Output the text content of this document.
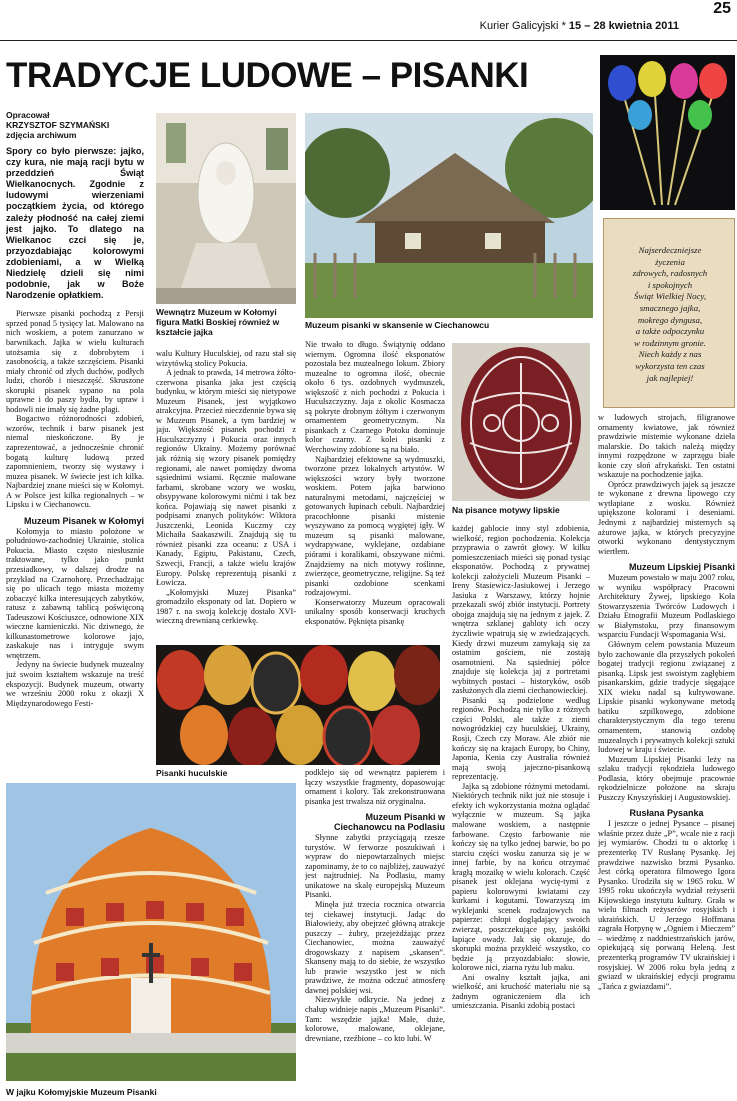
Kurier Galicyjski * 15 – 28 kwietnia 2011
25
TRADYCJE LUDOWE – PISANKI
Opracował
KRZYSZTOF SZYMAŃSKI
zdjęcia archiwum
Spory co było pierwsze: jajko, czy kura, nie mają racji bytu w przeddzień Świąt Wielkanocnych. Zgodnie z ludowymi wierzeniami początkiem życia, od którego zależy płodność na całej ziemi jest jajko. To dlatego na Wielkanoc czci się je, przyozdabiając kolorowymi zdobieniami, a w Wielką Niedzielę dzieli się nimi podobnie, jak w Boże Narodzenie opłatkiem.

Pierwsze pisanki pochodzą z Persji sprzed ponad 5 tysięcy lat. Malowano na nich woskiem, a potem zanurzano w barwnikach. Jajka w wielu kulturach utożsamia się z dobrobytem i zasobnością, a także szczęściem. Pisanki miały chronić od złych duchów, podłych ludzi, chorób i nieszczęść. Skruszone skorupki pisanek sypano na pola uprawne i do paszy bydła, by upraw i hodowli nie imały się żadne plagi.

Bogactwo różnorodności zdobień, wzorów, technik i barw pisanek jest niemal nieskończone. By je zaprezentować, a jednocześnie chronić bogatą kulturę ludową przed zapomnieniem, tworzy się wystawy i muzea pisanek. W świecie jest ich kilka. Najbardziej znane mieści się w Kołomyi. A w Polsce jest kilka regionalnych – w Lipsku i w Ciechanowcu.

Muzeum Pisanek w Kołomyi

Kołomyja to miasto położone w południowo-zachodniej Ukrainie, stolica Pokucia. Miasto często niesłusznie traktowane, tylko jako punkt przesiadkowy, w dalszej drodze na przykład na Czarnohorę. Przechadzając się po ulicach tego miasta możemy zobaczyć kilka interesujących zabytków, ratusz z zabawną tablicą poświęconą Tadeuszowi Kościuszce, odnowione XIX wieczne kamieniczki. Nic dziwnego, że kilkunastometrowe kolorowe jajo, zaskakuje nas i intryguje swym wnętrzem.

Jedyny na świecie budynek muzealny już swoim kształtem wskazuje na treść ekspozycji. Budynek muzeum, otwarty we wrześniu 2000 roku z okazji X Międzynarodowego Festi-

Wewnątrz Muzeum w Kołomyi figura Matki Boskiej również w kształcie jajka
Muzeum pisanki w skansenie w Ciechanowcu
Najserdeczniejsze
życzenia
zdrowych, radosnych
i spokojnych
Świąt Wielkiej Nocy,
smacznego jajka,
mokrego dyngusa,
a także odpoczynku
w rodzinnym gronie.
Niech każdy z nas
wykorzysta ten czas
jak najlepiej!

walu Kultury Huculskiej, od razu stał się wizytówką stolicy Pokucia.

A jednak to prawda, 14 metrowa żółto-czerwona pisanka jaka jest częścią budynku, w którym mieści się nietypowe Muzeum Pisanek, jest wyjątkowo atrakcyjna. Przecież nieczdennie bywa się w Muzeum Pisanek, a tym bardziej w jaju. Większość pisanek pochodzi z Huculszczyzny i Pokucia oraz innych regionów Ukrainy. Możemy porównać jak różnią się wzory pisanek pomiędzy regionami, ale nawet pomiędzy dwoma sąsiednimi wsiami. Ręcznie malowane farbami, skrobane wzory we wosku, obsypywane kolorowymi nićmi i tak bez końca. Pojawiają się nawet pisanki z podpisami znanych polityków: Wiktora Juszczenki, Leonida Kuczmy czy Michaiła Saakaszwili. Znajdują się tu również pisanki zza oceanu: z USA i Kanady, Egiptu, Pakistanu, Czech, Szwecji, Francji, a także wielu krajów Europy. Polskę reprezentują pisanki z Łowicza.

„Kołomyjski Muzej Pisanka” gromadziło eksponaty od lat. Dopiero w 1987 r. na swoją kolekcję dostało XVI-wieczną drewnianą cerkiewkę.

Nie trwało to długo. Świątynię oddano wiernym. Ogromna ilość eksponatów pozostała bez muzealnego lokum. Zbiory muzealne to ogromna ilość, obecnie około 6 tys. ozdobnych wydmuszek, większość z nich pochodzi z Pokucia i Huculszczyzny. Jaja z okolic Kosmacza są pokryte drobnym żółtym i czerwonym ornamentem geometrycznym. Na pisankach z Czarnego Potoku dominuje kolor czarny. Z kolei pisanki z Werchowiny zdobione są na biało.

Najbardziej efektowne są wydmuszki, tworzone przez lokalnych artystów. W większości wzory były tworzone woskiem. Potem jajka barwiono naturalnymi metodami, najczęściej w gotowanych łupinach cebuli. Najbardziej pracochłonne pisanki mistenie wyszywano za pomocą wygiętej igły. W muzeum są pisanki malowane, wydrapywane, wyklejane, ozdabiane piórami i koralikami, obszywane nićmi. Znajdziemy na nich motywy roślinne, zwierzęce, geometryczne, religijne. Są też pisanki ozdobione scenkami rodzajowymi.

Konserwatorzy Muzeum opracowali unikalny sposób konserwacji kruchych eksponatów. Pęknięta pisankę

Na pisance motywy lipskie

każdej gablocie inny styl zdobienia, wielkość, region pochodzenia. Kolekcja przyprawia o zawrót głowy. W kilku pomieszczeniach mieści się ponad tysiąc eksponatów. Pochodzą z prywatnej kolekcji założycieli Muzeum Pisanki – Ireny Stasiewicz-Jasiukowej i Jerzego Jasiuka z Warszawy, którzy hojnie przekazali swój zbiór instytucji. Portrety obojga znajdują się na jednym z jajek. Z wnętrza szklanej gabloty ich oczy życzliwie wpatrują się w zwiedzających. Kiedy drzwi muzeum zamykają się za ostatnim gościem, nie zostają osamotnieni. Na sąsiedniej półce znajduje się kolekcja jaj z portretami wybitnych postaci – historyków, osób zasłużonych dla ziemi ciechanowieckiej.

Pisanki są podzielone według regionów. Pochodzą nie tylko z różnych części Polski, ale także z ziemi nowogródzkiej czy huculskiej, Ukrainy, Rosji, Czech czy Moraw. Ale zbiór nie kończy się na krajach Europy, bo Chiny, Japonia, Kenia czy Australia również mają swoją jajeczno-pisankową reprezentację.

Jajka są zdobione różnymi metodami. Niektórych technik nikt już nie stosuje i efekty ich wykorzystania można oglądać wyłącznie w muzeum. Są jajka malowane woskiem, a następnie farbowane. Często farbowanie nie kończy się na tylko jednej barwie, bo po starciu części wosku zanurza się je w innej farbie, by na końcu otrzymać kragłą mozaikę w wielu kolorach. Część pisanek jest oklejana wycię-tymi z papieru kolorowymi kwiatami czy kurkami i kogutami. Towarzyszą im wyklejanki scenek rodzajowych na papierze: chłopi doglądający swoich zwierząt, poszczekujące psy, jaskółki łapiące owady. Jak się okazuje, do skorupki można przykleić wszystko, co będzie ją przyozdabiało: słowie, kolorowe nici, ziarna ryżu lub maku.

Ani owalny kształt jajka, ani wielkość, ani kruchość materiału nie są żadnym ograniczeniem dla ich umieszczania. Pisanki zdobią postaci

w ludowych strojach, filigranowe ornamenty kwiatowe, jak również prawdziwie mistemie wykonane dzieła malarskie. Do takich należą między innymi rozpędzone w zaprzęgu białe konie czy słoń afrykański. Ten ostatni wskazuje na pochodzenie jajka.

Oprócz prawdziwych jajek są jeszcze te wykonane z drewna lipowego czy wytłapiane z wosku. Również upiększone kolorami i deseniami. Jednymi z najbardziej misternych są ażurowe jajka, w których precyzyjne otworki wykonano dentystycznym wiertłem.

Muzeum Lipskiej Pisanki

Muzeum powstało w maju 2007 roku, w wyniku współpracy Pracowni Architektury Żywej, lipskiego Koła Stowarzyszenia Twórców Ludowych i Działu Etnografii Muzeum Podlaskiego w Białymstoku, przy finansowym wsparciu Fundacji Wspomagania Wsi.

Głównym celem powstania Muzeum było zachowanie dla przyszłych pokoleń bogatej tradycji regionu związanej z pisanką. Lipsk jest swoistym zagłębiem pisankarskim, gdzie tradycje sięgające XIX wieku nadal są kultywowane. Lipskie pisanki wykonywane metodą batiku szpilkowego, zdobione charakterystycznym dla tego terenu ornamentem, stanowią ozdobę muzealnych i prywatnych kolekcji sztuki ludowej w kraju i świecie.

Muzeum Lipskiej Pisanki leży na szlaku tradycji rękodzieła ludowego Podlasia, który obejmuje pracownie rękodzielnicze położone na skraju Puszczy Knyszyńskiej i Augustowskiej.

Rusłana Pysanka

I jeszcze o jednej Pysance – pisanej właśnie przez duże „P”, wcale nie z racji jej wymiarów. Chodzi tu o aktorkę i prezenterkę TV Rusłanę Pysankę. Jej prawdziwe nazwisko brzmi Pysanko. Jest córką operatora filmowego Igora Pysanko. Urodziła się w 1965 roku. W 1995 roku ukończyła wydział reżyserii Kijowskiego instytutu kultury. Grała w wielu filmach reżyserów rosyjskich i ukraińskich. U Jerzego Hoffmana zagrała Horpynę w „Ogniem i Mieczem” – wiedźmę z naddniestrzańskich jarów, opiekującą się porwaną Heleną. Jest prezenterką programów TV ukraińskiej i rosyjskiej. W 2006 roku była jedną z gwiazd w ukraińskiej edycji programu „Tańca z gwiazdami”.

Pisanki huculskie	podklejo się od wewnątrz papierem i łączy wszystkie fragmenty, dopasowując ornament i kolory. Tak zrekonstruowana pisanka jest trwalsza niż oryginalna.

Muzeum Pisanki w Ciechanowcu na Podlasiu

Słynne zabytki przyciągają rzesze turystów. W ferworze poszukiwań i wypraw do niepowtarzalnych miejsc zapominamy, że to co najbliżej, zauważyć jest najtrudniej. Na Podlasiu, mamy unikatowe na skalę europejską Muzeum Pisanki.

Minęła już trzecia rocznica otwarcia tej ciekawej instytucji. Jadąc do Białowieży, aby obejrzeć główną atrakcje puszczy – żubry, przejeżdżając przez Ciechanowiec, można zauważyć drogowskazy z napisem „skansen”. Skanseny mają to do siebie, że wszystko lub prawie wszystko jest w nich prawdziwe, że można odczuć atmosferę dawnej polskiej wsi.

Niezwykłe odkrycie. Na jednej z chałup widnieje napis „Muzeum Pisanki”. Tam: wszędzie jajka! Małe, duże, kolorowe, malowane, oklejane, drewniane, rzeźbione – co kto lubi. W

W jajku Kołomyjskie Muzeum Pisanki
